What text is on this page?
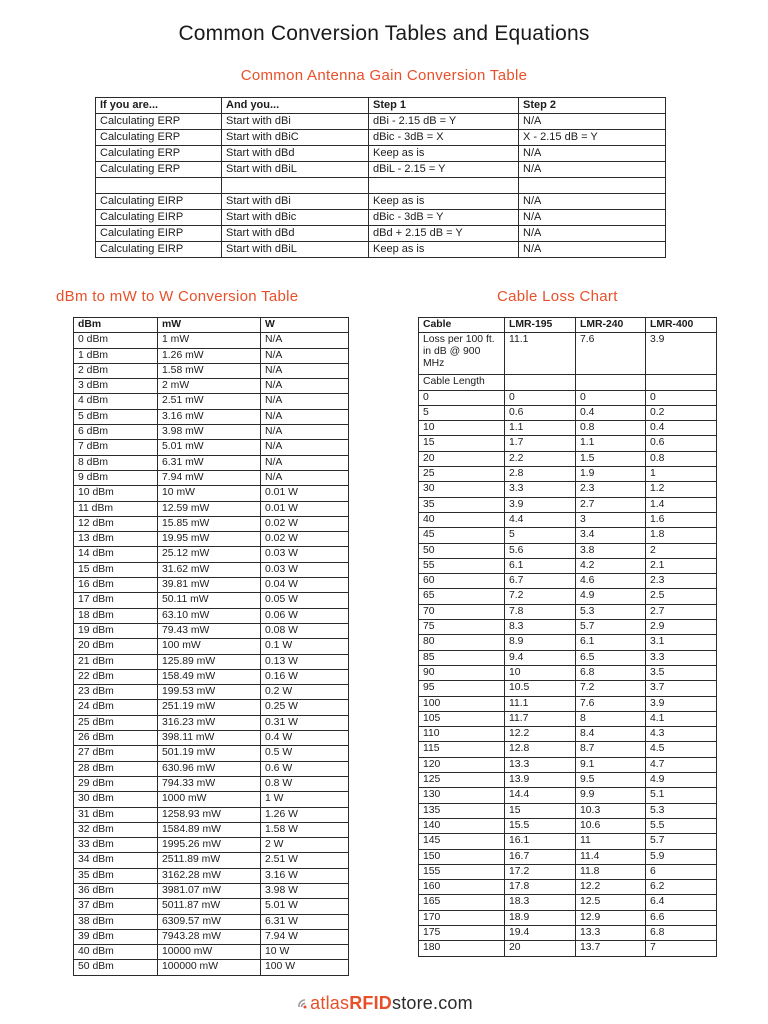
Common Conversion Tables and Equations
Common Antenna Gain Conversion Table
If you are...	And you...	Step 1	Step 2
Calculating ERP	Start with dBi	dBi - 2.15 dB = Y	N/A
Calculating ERP	Start with dBiC	dBic - 3dB = X	X - 2.15 dB = Y
Calculating ERP	Start with dBd	Keep as is	N/A
Calculating ERP	Start with dBiL	dBiL - 2.15 = Y	N/A

Calculating EIRP	Start with dBi	Keep as is	N/A
Calculating EIRP	Start with dBic	dBic - 3dB = Y	N/A
Calculating EIRP	Start with dBd	dBd + 2.15 dB = Y	N/A
Calculating EIRP	Start with dBiL	Keep as is	N/A
dBm to mW to W Conversion Table	Cable Loss Chart
dBm	mW	W
0 dBm	1 mW	N/A
1 dBm	1.26 mW	N/A
2 dBm	1.58 mW	N/A
3 dBm	2 mW	N/A
4 dBm	2.51 mW	N/A
5 dBm	3.16 mW	N/A
6 dBm	3.98 mW	N/A
7 dBm	5.01 mW	N/A
8 dBm	6.31 mW	N/A
9 dBm	7.94 mW	N/A
10 dBm	10 mW	0.01 W
11 dBm	12.59 mW	0.01 W
12 dBm	15.85 mW	0.02 W
13 dBm	19.95 mW	0.02 W
14 dBm	25.12 mW	0.03 W
15 dBm	31.62 mW	0.03 W
16 dBm	39.81 mW	0.04 W
17 dBm	50.11 mW	0.05 W
18 dBm	63.10 mW	0.06 W
19 dBm	79.43 mW	0.08 W
20 dBm	100 mW	0.1 W
21 dBm	125.89 mW	0.13 W
22 dBm	158.49 mW	0.16 W
23 dBm	199.53 mW	0.2 W
24 dBm	251.19 mW	0.25 W
25 dBm	316.23 mW	0.31 W
26 dBm	398.11 mW	0.4 W
27 dBm	501.19 mW	0.5 W
28 dBm	630.96 mW	0.6 W
29 dBm	794.33 mW	0.8 W
30 dBm	1000 mW	1 W
31 dBm	1258.93 mW	1.26 W
32 dBm	1584.89 mW	1.58 W
33 dBm	1995.26 mW	2 W
34 dBm	2511.89 mW	2.51 W
35 dBm	3162.28 mW	3.16 W
36 dBm	3981.07 mW	3.98 W
37 dBm	5011.87 mW	5.01 W
38 dBm	6309.57 mW	6.31 W
39 dBm	7943.28 mW	7.94 W
40 dBm	10000 mW	10 W
50 dBm	100000 mW	100 W
Cable	LMR-195	LMR-240	LMR-400
Loss per 100 ft. in dB @ 900 MHz	11.1	7.6	3.9
Cable Length			
0	0	0	0
5	0.6	0.4	0.2
10	1.1	0.8	0.4
15	1.7	1.1	0.6
20	2.2	1.5	0.8
25	2.8	1.9	1
30	3.3	2.3	1.2
35	3.9	2.7	1.4
40	4.4	3	1.6
45	5	3.4	1.8
50	5.6	3.8	2
55	6.1	4.2	2.1
60	6.7	4.6	2.3
65	7.2	4.9	2.5
70	7.8	5.3	2.7
75	8.3	5.7	2.9
80	8.9	6.1	3.1
85	9.4	6.5	3.3
90	10	6.8	3.5
95	10.5	7.2	3.7
100	11.1	7.6	3.9
105	11.7	8	4.1
110	12.2	8.4	4.3
115	12.8	8.7	4.5
120	13.3	9.1	4.7
125	13.9	9.5	4.9
130	14.4	9.9	5.1
135	15	10.3	5.3
140	15.5	10.6	5.5
145	16.1	11	5.7
150	16.7	11.4	5.9
155	17.2	11.8	6
160	17.8	12.2	6.2
165	18.3	12.5	6.4
170	18.9	12.9	6.6
175	19.4	13.3	6.8
180	20	13.7	7
atlasRFIDstore.com
